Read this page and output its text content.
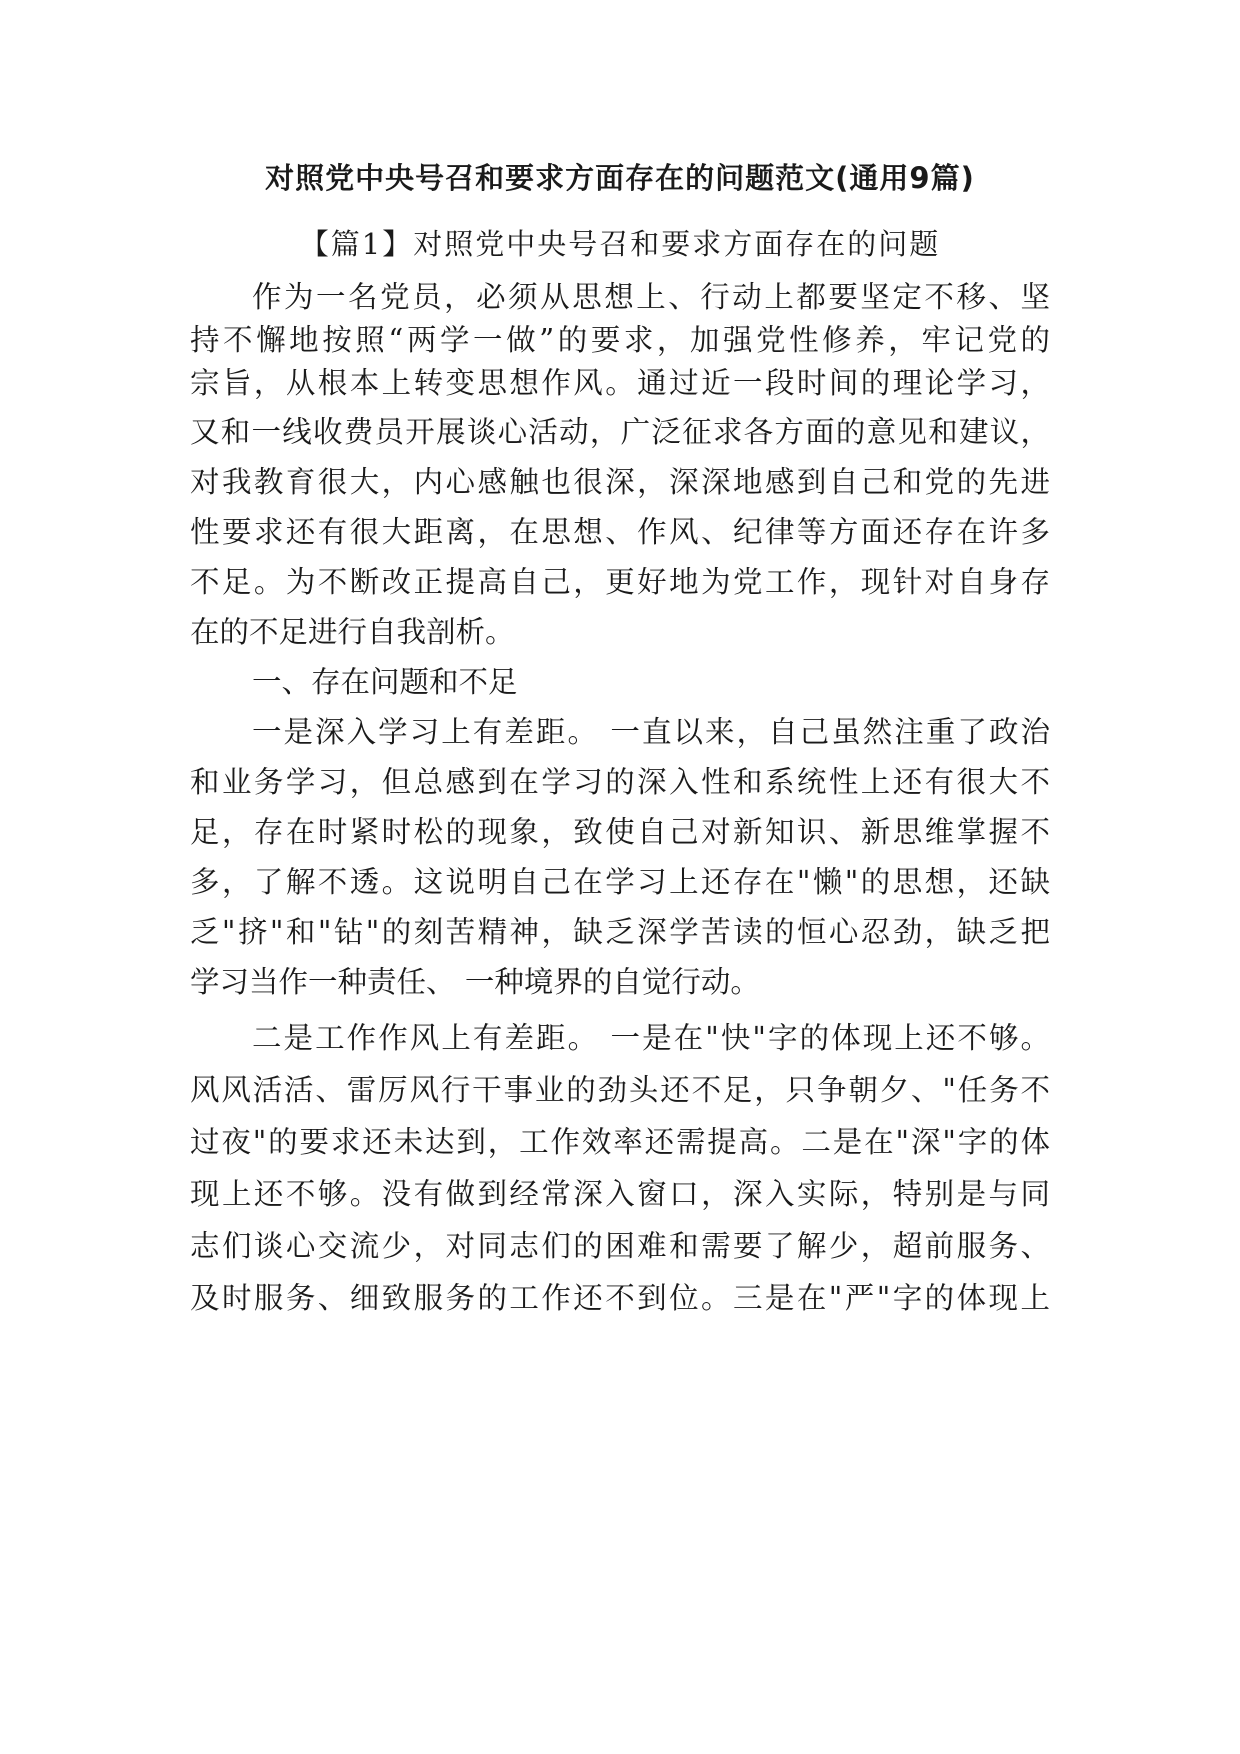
对照党中央号召和要求方面存在的问题范文(通用9篇)
【篇1】对照党中央号召和要求方面存在的问题
作为一名党员，必须从思想上、行动上都要坚定不移、坚
持不懈地按照“两学一做”的要求，加强党性修养，牢记党的
宗旨，从根本上转变思想作风。通过近一段时间的理论学习，
又和一线收费员开展谈心活动，广泛征求各方面的意见和建议，
对我教育很大，内心感触也很深，深深地感到自己和党的先进
性要求还有很大距离，在思想、作风、纪律等方面还存在许多
不足。为不断改正提高自己，更好地为党工作，现针对自身存
在的不足进行自我剖析。
一、存在问题和不足
一是深入学习上有差距。 一直以来，自己虽然注重了政治
和业务学习，但总感到在学习的深入性和系统性上还有很大不
足，存在时紧时松的现象，致使自己对新知识、新思维掌握不
多，了解不透。这说明自己在学习上还存在"懒"的思想，还缺
乏"挤"和"钻"的刻苦精神，缺乏深学苦读的恒心忍劲，缺乏把
学习当作一种责任、 一种境界的自觉行动。
二是工作作风上有差距。 一是在"快"字的体现上还不够。
风风活活、雷厉风行干事业的劲头还不足，只争朝夕、"任务不
过夜"的要求还未达到，工作效率还需提高。二是在"深"字的体
现上还不够。没有做到经常深入窗口，深入实际，特别是与同
志们谈心交流少，对同志们的困难和需要了解少，超前服务、
及时服务、细致服务的工作还不到位。三是在"严"字的体现上
